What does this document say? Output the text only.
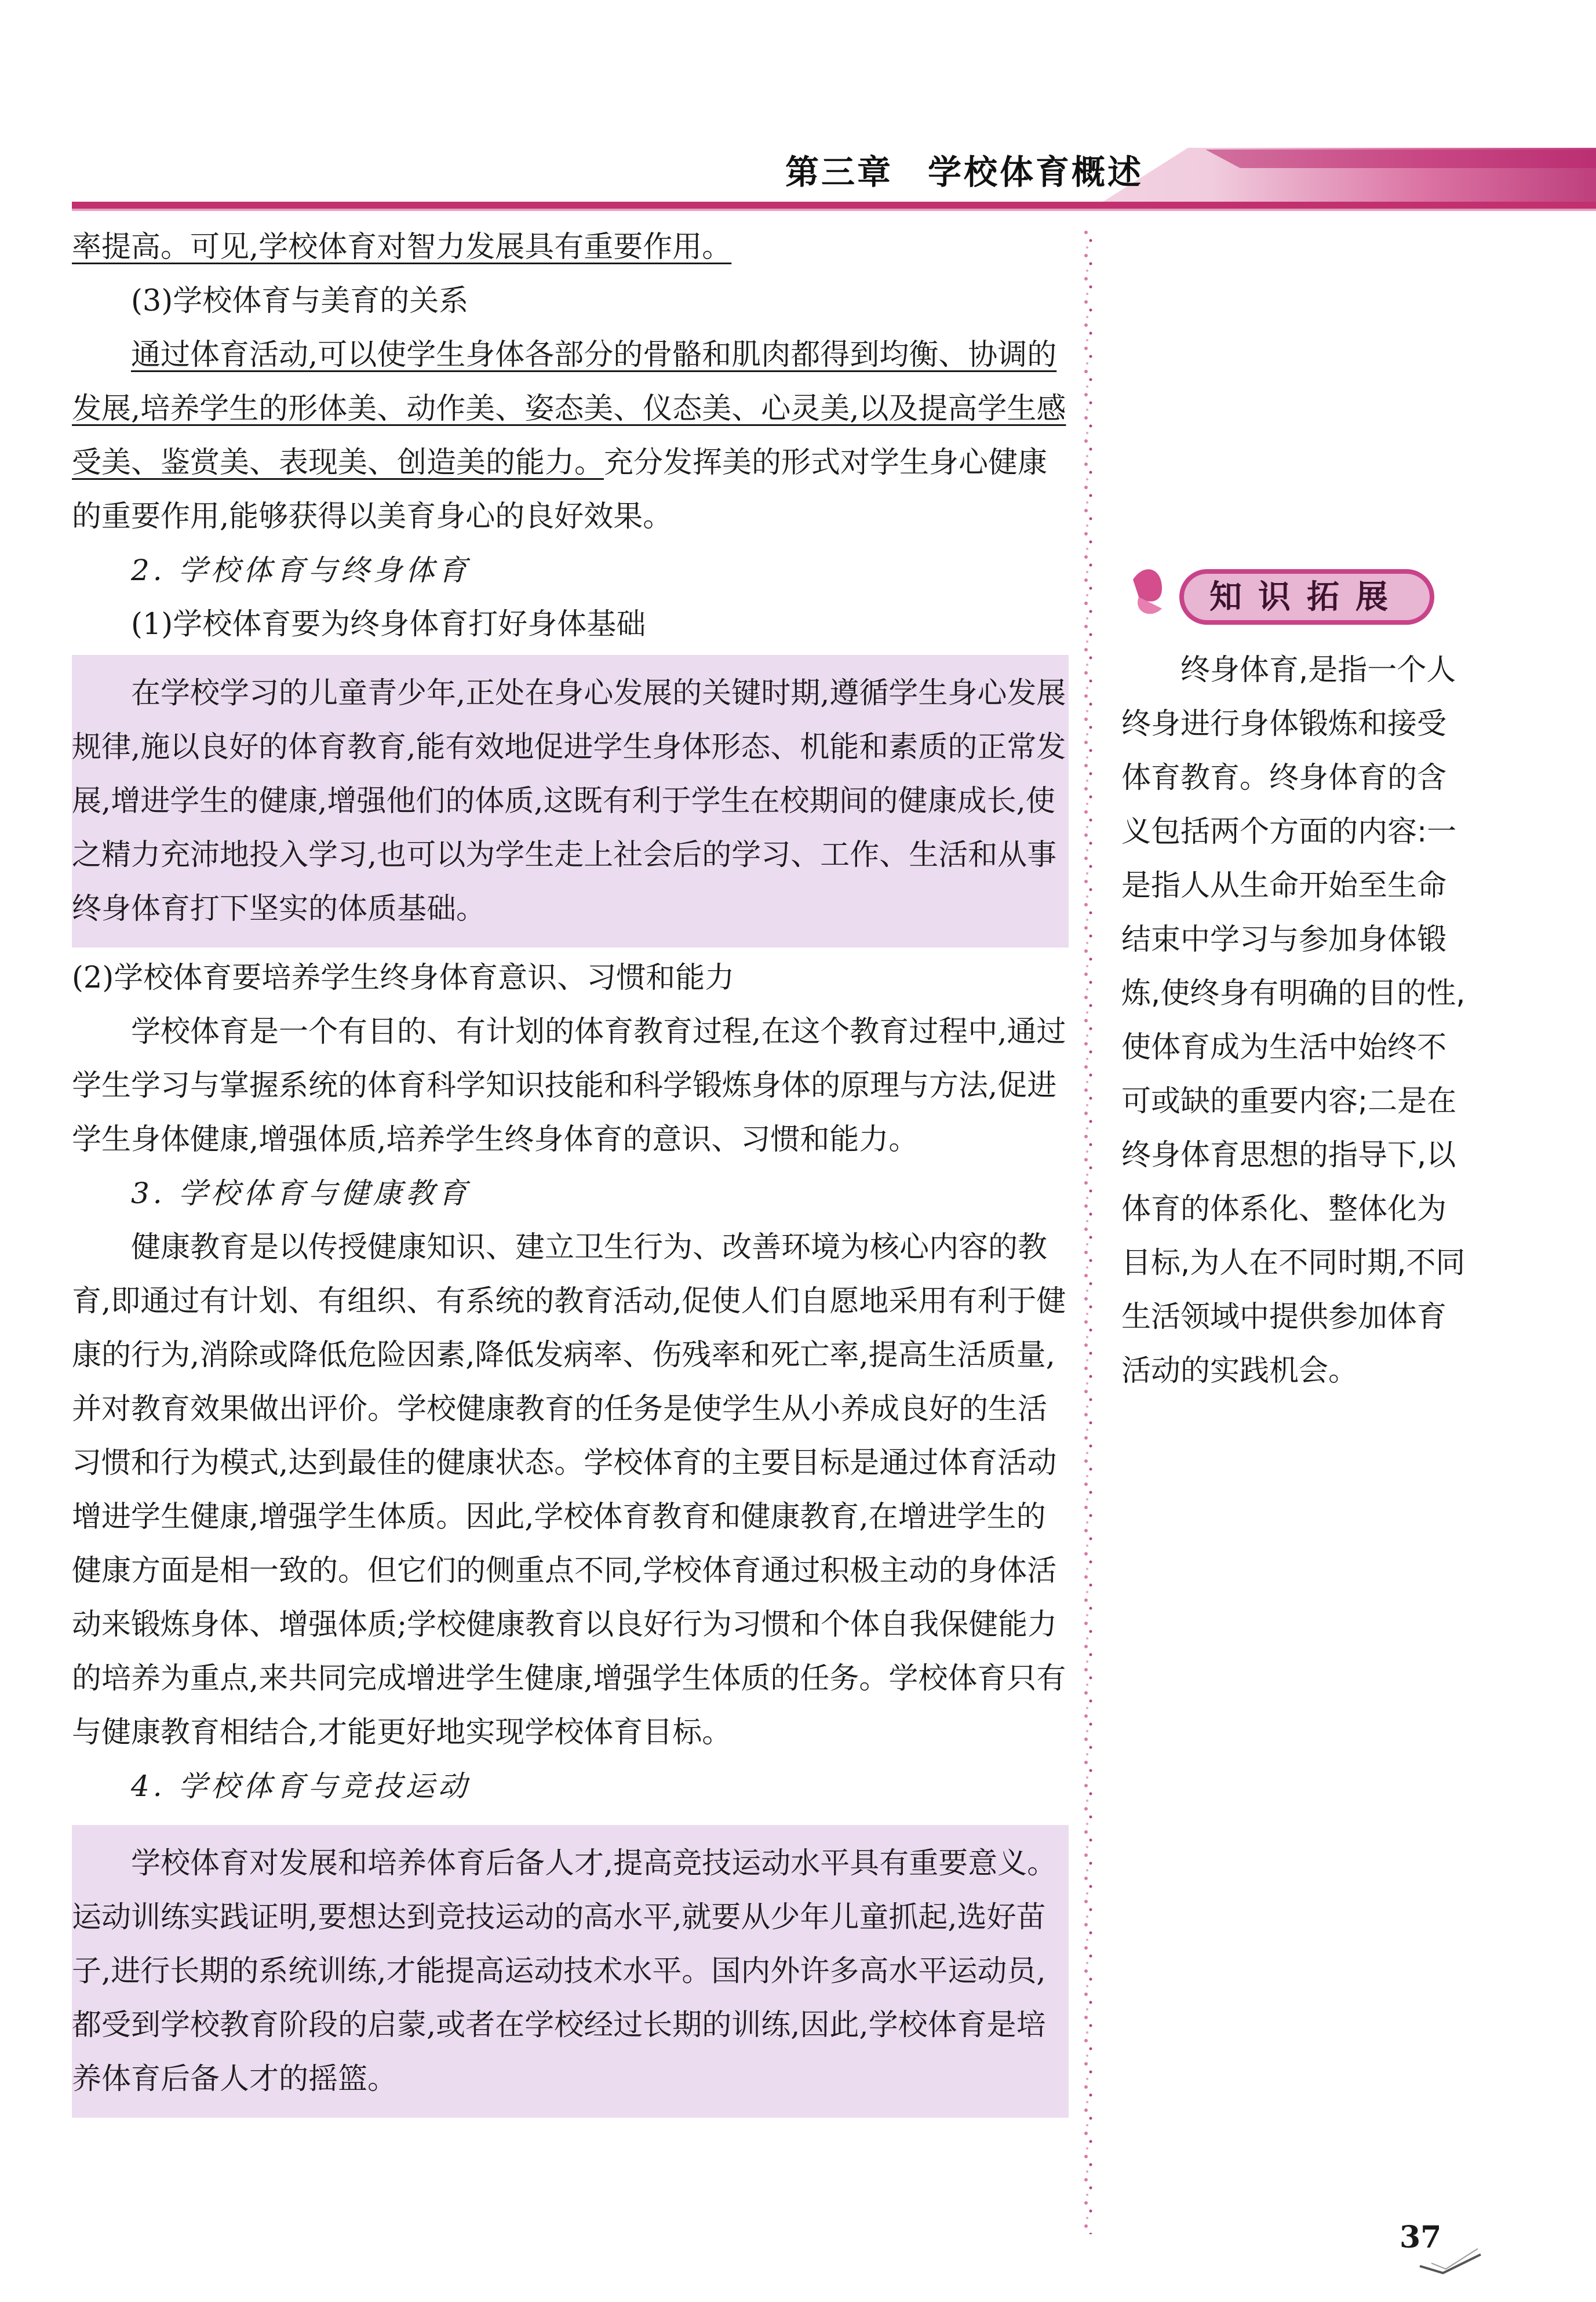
第三章 学校体育概述

率提高。可见,学校体育对智力发展具有重要作用。

(3)学校体育与美育的关系

通过体育活动,可以使学生身体各部分的骨骼和肌肉都得到均衡、协调的发展,培养学生的形体美、动作美、姿态美、仪态美、心灵美,以及提高学生感受美、鉴赏美、表现美、创造美的能力。充分发挥美的形式对学生身心健康的重要作用,能够获得以美育身心的良好效果。

2. 学校体育与终身体育

(1)学校体育要为终身体育打好身体基础

在学校学习的儿童青少年,正处在身心发展的关键时期,遵循学生身心发展规律,施以良好的体育教育,能有效地促进学生身体形态、机能和素质的正常发展,增进学生的健康,增强他们的体质,这既有利于学生在校期间的健康成长,使之精力充沛地投入学习,也可以为学生走上社会后的学习、工作、生活和从事终身体育打下坚实的体质基础。

(2)学校体育要培养学生终身体育意识、习惯和能力

学校体育是一个有目的、有计划的体育教育过程,在这个教育过程中,通过学生学习与掌握系统的体育科学知识技能和科学锻炼身体的原理与方法,促进学生身体健康,增强体质,培养学生终身体育的意识、习惯和能力。

3. 学校体育与健康教育

健康教育是以传授健康知识、建立卫生行为、改善环境为核心内容的教育,即通过有计划、有组织、有系统的教育活动,促使人们自愿地采用有利于健康的行为,消除或降低危险因素,降低发病率、伤残率和死亡率,提高生活质量,并对教育效果做出评价。学校健康教育的任务是使学生从小养成良好的生活习惯和行为模式,达到最佳的健康状态。学校体育的主要目标是通过体育活动增进学生健康,增强学生体质。因此,学校体育教育和健康教育,在增进学生的健康方面是相一致的。但它们的侧重点不同,学校体育通过积极主动的身体活动来锻炼身体、增强体质;学校健康教育以良好行为习惯和个体自我保健能力的培养为重点,来共同完成增进学生健康,增强学生体质的任务。学校体育只有与健康教育相结合,才能更好地实现学校体育目标。

4. 学校体育与竞技运动

学校体育对发展和培养体育后备人才,提高竞技运动水平具有重要意义。运动训练实践证明,要想达到竞技运动的高水平,就要从少年儿童抓起,选好苗子,进行长期的系统训练,才能提高运动技术水平。国内外许多高水平运动员,都受到学校教育阶段的启蒙,或者在学校经过长期的训练,因此,学校体育是培养体育后备人才的摇篮。

知识拓展

终身体育,是指一个人终身进行身体锻炼和接受体育教育。终身体育的含义包括两个方面的内容:一是指人从生命开始至生命结束中学习与参加身体锻炼,使终身有明确的目的性,使体育成为生活中始终不可或缺的重要内容;二是在终身体育思想的指导下,以体育的体系化、整体化为目标,为人在不同时期,不同生活领域中提供参加体育活动的实践机会。

37
